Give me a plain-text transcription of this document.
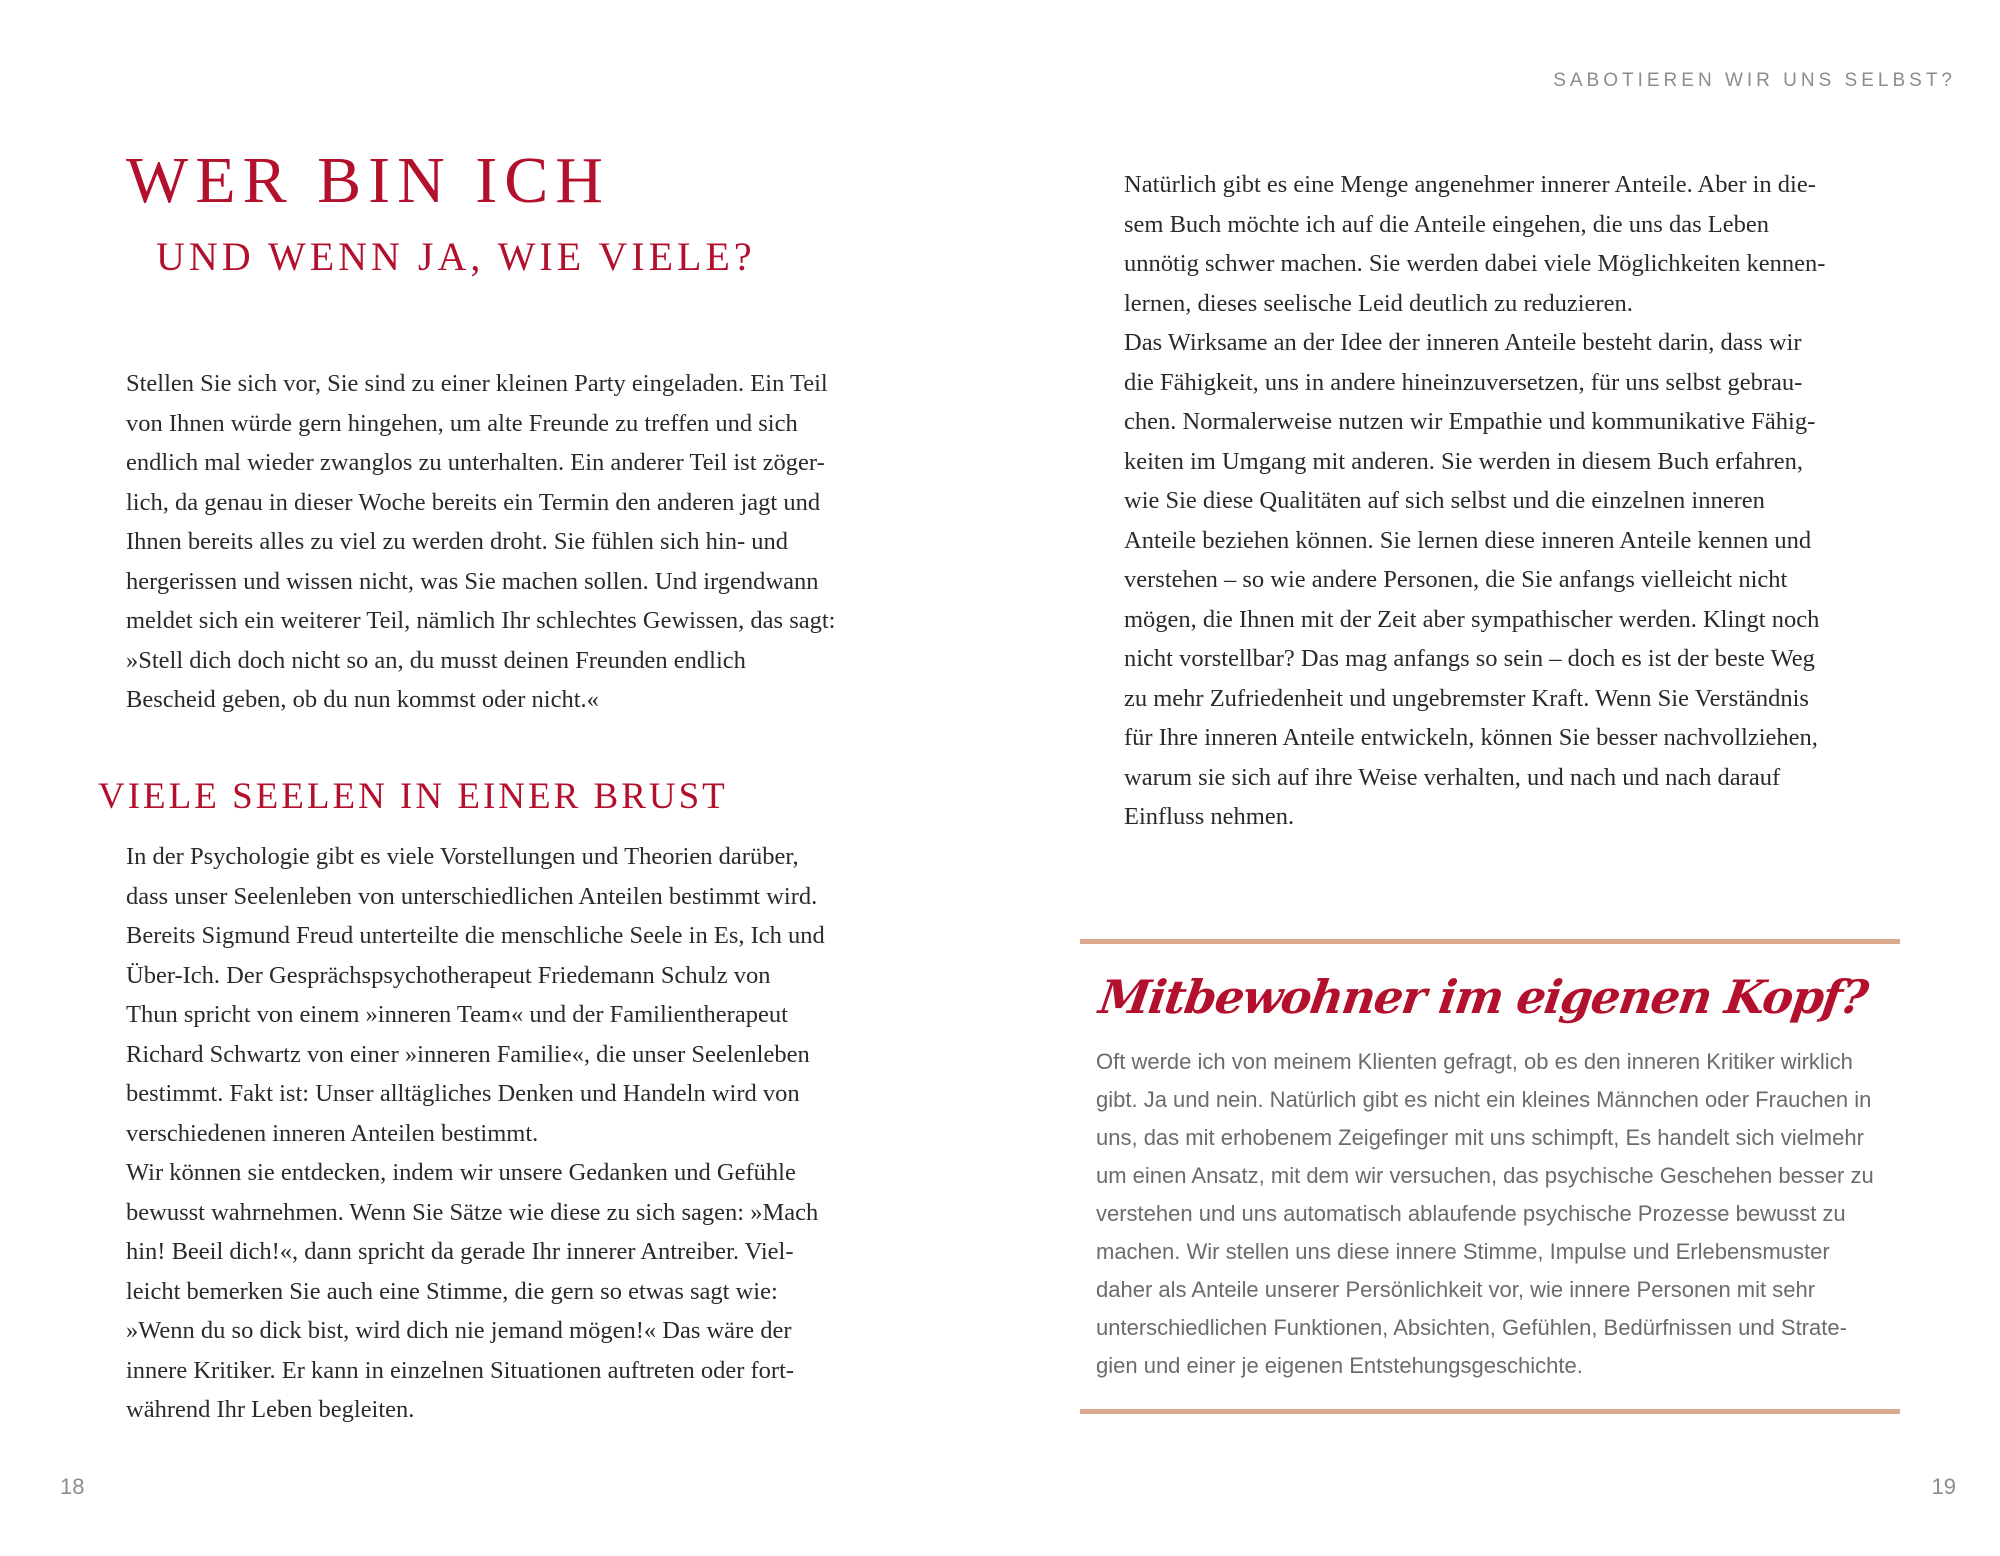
SABOTIEREN WIR UNS SELBST?
WER BIN ICH
UND WENN JA, WIE VIELE?
Stellen Sie sich vor, Sie sind zu einer kleinen Party eingeladen. Ein Teil
von Ihnen würde gern hingehen, um alte Freunde zu treffen und sich
endlich mal wieder zwanglos zu unterhalten. Ein anderer Teil ist zöger-
lich, da genau in dieser Woche bereits ein Termin den anderen jagt und
Ihnen bereits alles zu viel zu werden droht. Sie fühlen sich hin- und
hergerissen und wissen nicht, was Sie machen sollen. Und irgendwann
meldet sich ein weiterer Teil, nämlich Ihr schlechtes Gewissen, das sagt:
»Stell dich doch nicht so an, du musst deinen Freunden endlich
Bescheid geben, ob du nun kommst oder nicht.«
VIELE SEELEN IN EINER BRUST
In der Psychologie gibt es viele Vorstellungen und Theorien darüber,
dass unser Seelenleben von unterschiedlichen Anteilen bestimmt wird.
Bereits Sigmund Freud unterteilte die menschliche Seele in Es, Ich und
Über-Ich. Der Gesprächspsychotherapeut Friedemann Schulz von
Thun spricht von einem »inneren Team« und der Familientherapeut
Richard Schwartz von einer »inneren Familie«, die unser Seelenleben
bestimmt. Fakt ist: Unser alltägliches Denken und Handeln wird von
verschiedenen inneren Anteilen bestimmt.
Wir können sie entdecken, indem wir unsere Gedanken und Gefühle
bewusst wahrnehmen. Wenn Sie Sätze wie diese zu sich sagen: »Mach
hin! Beeil dich!«, dann spricht da gerade Ihr innerer Antreiber. Viel-
leicht bemerken Sie auch eine Stimme, die gern so etwas sagt wie:
»Wenn du so dick bist, wird dich nie jemand mögen!« Das wäre der
innere Kritiker. Er kann in einzelnen Situationen auftreten oder fort-
während Ihr Leben begleiten.
Natürlich gibt es eine Menge angenehmer innerer Anteile. Aber in die-
sem Buch möchte ich auf die Anteile eingehen, die uns das Leben
unnötig schwer machen. Sie werden dabei viele Möglichkeiten kennen-
lernen, dieses seelische Leid deutlich zu reduzieren.
Das Wirksame an der Idee der inneren Anteile besteht darin, dass wir
die Fähigkeit, uns in andere hineinzuversetzen, für uns selbst gebrau-
chen. Normalerweise nutzen wir Empathie und kommunikative Fähig-
keiten im Umgang mit anderen. Sie werden in diesem Buch erfahren,
wie Sie diese Qualitäten auf sich selbst und die einzelnen inneren
Anteile beziehen können. Sie lernen diese inneren Anteile kennen und
verstehen – so wie andere Personen, die Sie anfangs vielleicht nicht
mögen, die Ihnen mit der Zeit aber sympathischer werden. Klingt noch
nicht vorstellbar? Das mag anfangs so sein – doch es ist der beste Weg
zu mehr Zufriedenheit und ungebremster Kraft. Wenn Sie Verständnis
für Ihre inneren Anteile entwickeln, können Sie besser nachvollziehen,
warum sie sich auf ihre Weise verhalten, und nach und nach darauf
Einfluss nehmen.
Mitbewohner im eigenen Kopf?
Oft werde ich von meinem Klienten gefragt, ob es den inneren Kritiker wirklich
gibt. Ja und nein. Natürlich gibt es nicht ein kleines Männchen oder Frauchen in
uns, das mit erhobenem Zeigefinger mit uns schimpft, Es handelt sich vielmehr
um einen Ansatz, mit dem wir versuchen, das psychische Geschehen besser zu
verstehen und uns automatisch ablaufende psychische Prozesse bewusst zu
machen. Wir stellen uns diese innere Stimme, Impulse und Erlebensmuster
daher als Anteile unserer Persönlichkeit vor, wie innere Personen mit sehr
unterschiedlichen Funktionen, Absichten, Gefühlen, Bedürfnissen und Strate-
gien und einer je eigenen Entstehungsgeschichte.
18	19
